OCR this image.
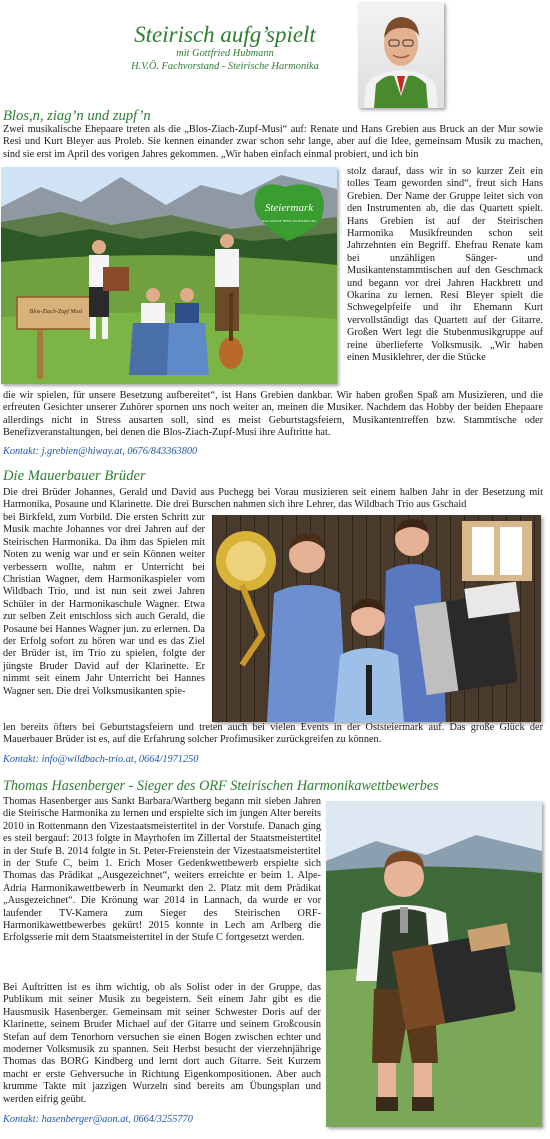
Steirisch aufg’spielt
mit Gottfried Hubmann
H.V.Ö. Fachvorstand - Steirische Harmonika
Blos,n, ziag’n und zupf’n

Zwei musikalische Ehepaare treten als die „Blos-Ziach-Zupf-Musi“ auf: Renate und Hans Grebien aus Bruck an der Mur sowie Resi und Kurt Bleyer aus Proleb. Sie kennen einander zwar schon sehr lange, aber auf die Idee, gemeinsam Musik zu machen, sind sie erst im April des vorigen Jahres gekommen. „Wir haben einfach einmal probiert, und ich bin

Blos-Ziach-Zupf Musi
Steiermark
DAS GRÜNE HERZ ÖSTERREICHS

stolz darauf, dass wir in so kurzer Zeit ein tolles Team geworden sind“, freut sich Hans Grebien. Der Name der Gruppe leitet sich von den Instrumenten ab, die das Quartett spielt. Hans Grebien ist auf der Steirischen Harmonika Musikfreunden schon seit Jahrzehnten ein Begriff. Ehefrau Renate kam bei unzähligen Sänger- und Musikantenstammtischen auf den Geschmack und begann vor drei Jahren Hackbrett und Okarina zu lernen. Resi Bleyer spielt die Schwegelpfeife und ihr Ehemann Kurt vervollständigt das Quartett auf der Gitarre. Großen Wert legt die Stubenmusikgruppe auf reine überlieferte Volksmusik. „Wir haben einen Musiklehrer, der die Stücke

die wir spielen, für unsere Besetzung aufbereitet“, ist Hans Grebien dankbar. Wir haben großen Spaß am Musizieren, und die erfreuten Gesichter unserer Zuhörer spornen uns noch weiter an, meinen die Musiker. Nachdem das Hobby der beiden Ehepaare allerdings nicht in Stress ausarten soll, sind es meist Geburtstagsfeiern, Musikantentreffen bzw. Stammtische oder Benefizveranstaltungen, bei denen die Blos-Ziach-Zupf-Musi ihre Auftritte hat.

Kontakt: j.grebien@hiway.at, 0676/843363800
Die Mauerbauer Brüder

Die drei Brüder Johannes, Gerald und David aus Puchegg bei Vorau musizieren seit einem halben Jahr in der Besetzung mit Harmonika, Posaune und Klarinette. Die drei Burschen nahmen sich ihre Lehrer, das Wildbach Trio aus Gschaid

bei Birkfeld, zum Vorbild. Die ersten Schritt zur Musik machte Johannes vor drei Jahren auf der Steirischen Harmonika. Da ihm das Spielen mit Noten zu wenig war und er sein Können weiter verbessern wollte, nahm er Unterricht bei Christian Wagner, dem Harmonikaspieler vom Wildbach Trio, und ist nun seit zwei Jahren Schüler in der Harmonikaschule Wagner. Etwa zur selben Zeit entschloss sich auch Gerald, die Posaune bei Hannes Wagner jun. zu erlernen. Da der Erfolg sofort zu hören war und es das Ziel der Brüder ist, im Trio zu spielen, folgte der jüngste Bruder David auf der Klarinette. Er nimmt seit einem Jahr Unterricht bei Hannes Wagner sen. Die drei Volksmusikanten spie-

len bereits öfters bei Geburtstagsfeiern und treten auch bei vielen Events in der Oststeiermark auf. Das große Glück der Mauerbauer Brüder ist es, auf die Erfahrung solcher Profimusiker zurückgreifen zu können.

Kontakt: info@wildbach-trio.at, 0664/1971250
Thomas Hasenberger - Sieger des ORF Steirischen Harmonikawettbewerbes

Thomas Hasenberger aus Sankt Barbara/Wartberg begann mit sieben Jahren die Steirische Harmonika zu lernen und erspielte sich im jungen Alter bereits 2010 in Rottenmann den Vizestaatsmeistertitel in der Vorstufe. Danach ging es steil bergauf: 2013 folgte in Mayrhofen im Zillertal der Staatsmeistertitel in der Stufe B. 2014 folgte in St. Peter-Freienstein der Vizestaatsmeistertitel in der Stufe C, beim 1. Erich Moser Gedenkwettbewerb erspielte sich Thomas das Prädikat „Ausgezeichnet“, weiters erreichte er beim 1. Alpe-Adria Harmonikawettbewerb in Neumarkt den 2. Platz mit dem Prädikat „Ausgezeichnet“. Die Krönung war 2014 in Lannach, da wurde er vor laufender TV-Kamera zum Sieger des Steirischen ORF-Harmonikawettbewerbes gekürt! 2015 konnte in Lech am Arlberg die Erfolgsserie mit dem Staatsmeistertitel in der Stufe C fortgesetzt werden.

Bei Auftritten ist es ihm wichtig, ob als Solist oder in der Gruppe, das Publikum mit seiner Musik zu begeistern. Seit einem Jahr gibt es die Hausmusik Hasenberger. Gemeinsam mit seiner Schwester Doris auf der Klarinette, seinem Bruder Michael auf der Gitarre und seinem Großcousin Stefan auf dem Tenorhorn versuchen sie einen Bogen zwischen echter und moderner Volksmusik zu spannen. Seit Herbst besucht der vierzehnjährige Thomas das BORG Kindberg und lernt dort auch Gitarre. Seit Kurzem macht er erste Gehversuche in Richtung Eigenkompositionen. Aber auch krumme Takte mit jazzigen Wurzeln sind bereits am Übungsplan und werden eifrig geübt.

Kontakt: hasenberger@aon.at, 0664/3255770
